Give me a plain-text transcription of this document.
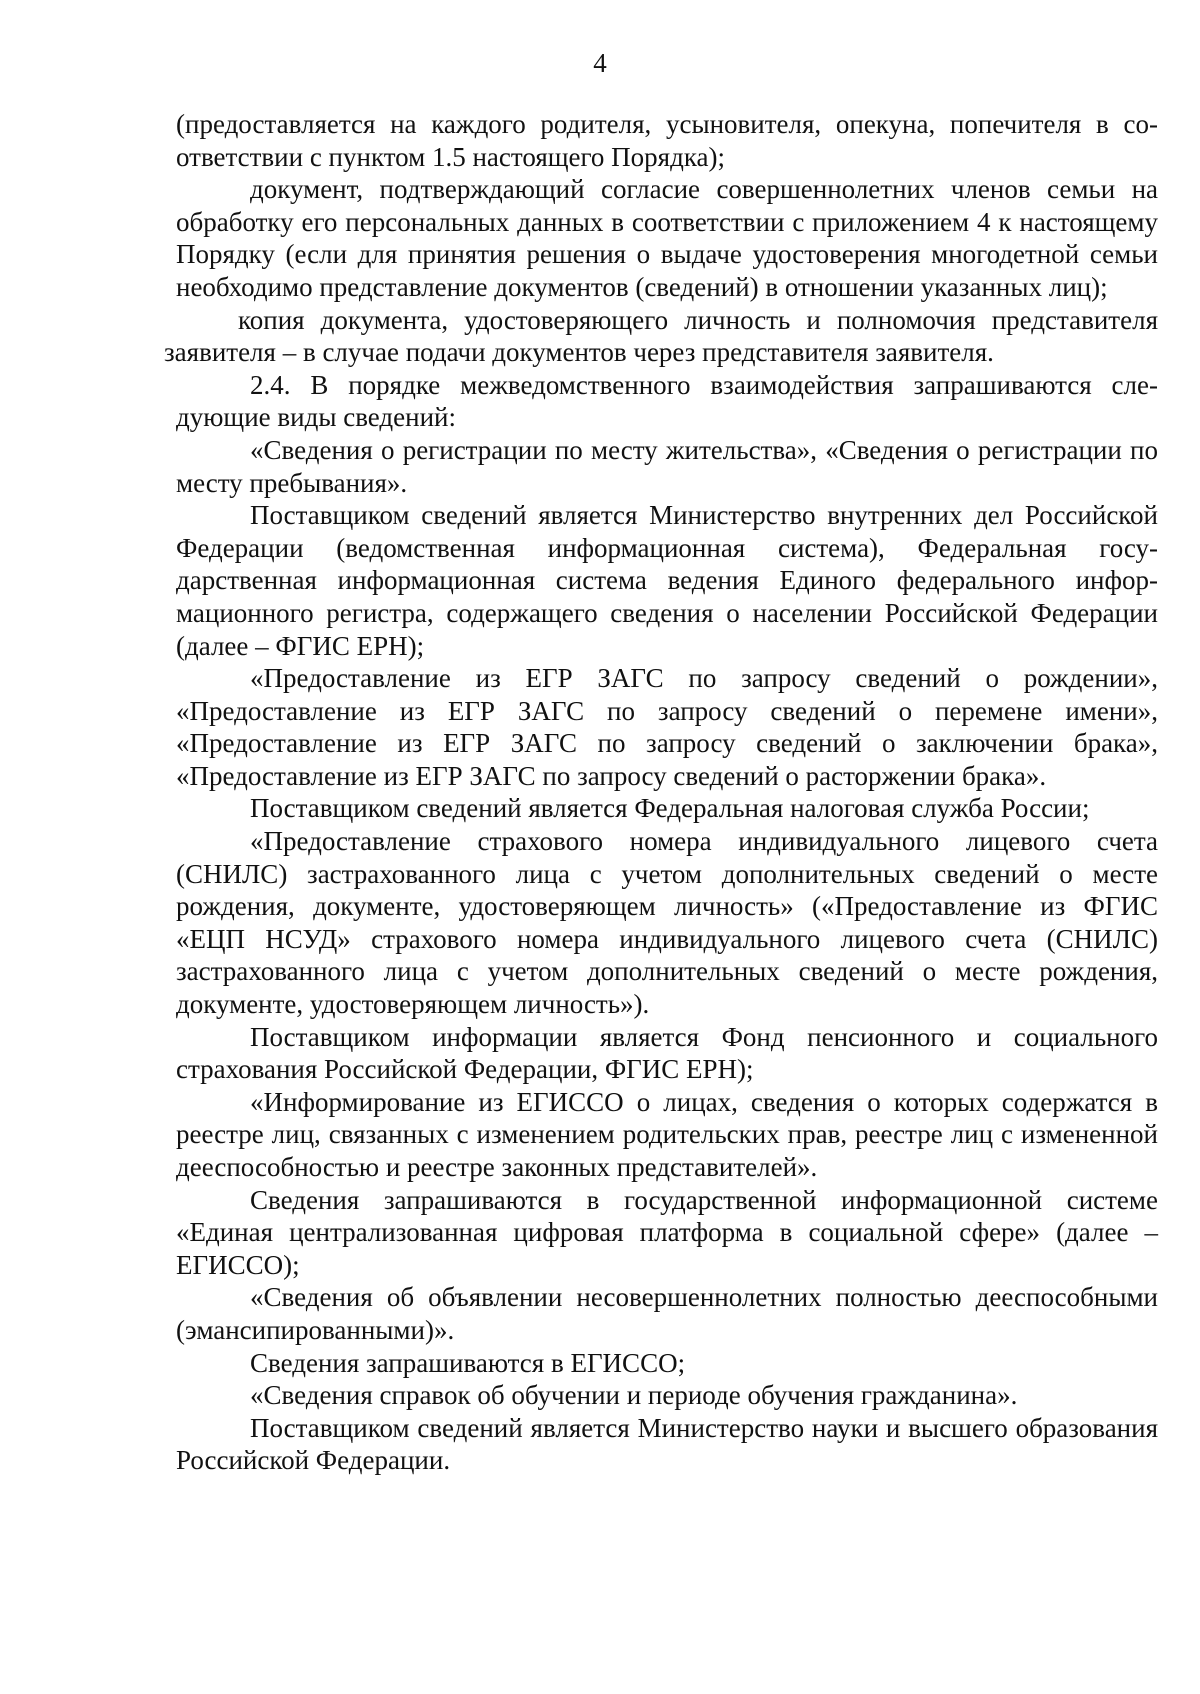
4

(предоставляется на каждого родителя, усыновителя, опекуна, попечителя в соответствии с пунктом 1.5 настоящего Порядка);

документ, подтверждающий согласие совершеннолетних членов семьи на обработку его персональных данных в соответствии с приложением 4 к настоящему Порядку (если для принятия решения о выдаче удостоверения многодетной семьи необходимо представление документов (сведений) в отношении указанных лиц);

копия документа, удостоверяющего личность и полномочия представителя заявителя – в случае подачи документов через представителя заявителя.

2.4. В порядке межведомственного взаимодействия запрашиваются следующие виды сведений:

«Сведения о регистрации по месту жительства», «Сведения о регистрации по месту пребывания».

Поставщиком сведений является Министерство внутренних дел Российской Федерации (ведомственная информационная система), Федеральная государственная информационная система ведения Единого федерального информационного регистра, содержащего сведения о населении Российской Федерации (далее – ФГИС ЕРН);

«Предоставление из ЕГР ЗАГС по запросу сведений о рождении», «Предоставление из ЕГР ЗАГС по запросу сведений о перемене имени», «Предоставление из ЕГР ЗАГС по запросу сведений о заключении брака», «Предоставление из ЕГР ЗАГС по запросу сведений о расторжении брака».

Поставщиком сведений является Федеральная налоговая служба России;

«Предоставление страхового номера индивидуального лицевого счета (СНИЛС) застрахованного лица с учетом дополнительных сведений о месте рождения, документе, удостоверяющем личность» («Предоставление из ФГИС «ЕЦП НСУД» страхового номера индивидуального лицевого счета (СНИЛС) застрахованного лица с учетом дополнительных сведений о месте рождения, документе, удостоверяющем личность»).

Поставщиком информации является Фонд пенсионного и социального страхования Российской Федерации, ФГИС ЕРН);

«Информирование из ЕГИССО о лицах, сведения о которых содержатся в реестре лиц, связанных с изменением родительских прав, реестре лиц с измененной дееспособностью и реестре законных представителей».

Сведения запрашиваются в государственной информационной системе «Единая централизованная цифровая платформа в социальной сфере» (далее – ЕГИССО);

«Сведения об объявлении несовершеннолетних полностью дееспособными (эмансипированными)».

Сведения запрашиваются в ЕГИССО;

«Сведения справок об обучении и периоде обучения гражданина».

Поставщиком сведений является Министерство науки и высшего образования Российской Федерации.
